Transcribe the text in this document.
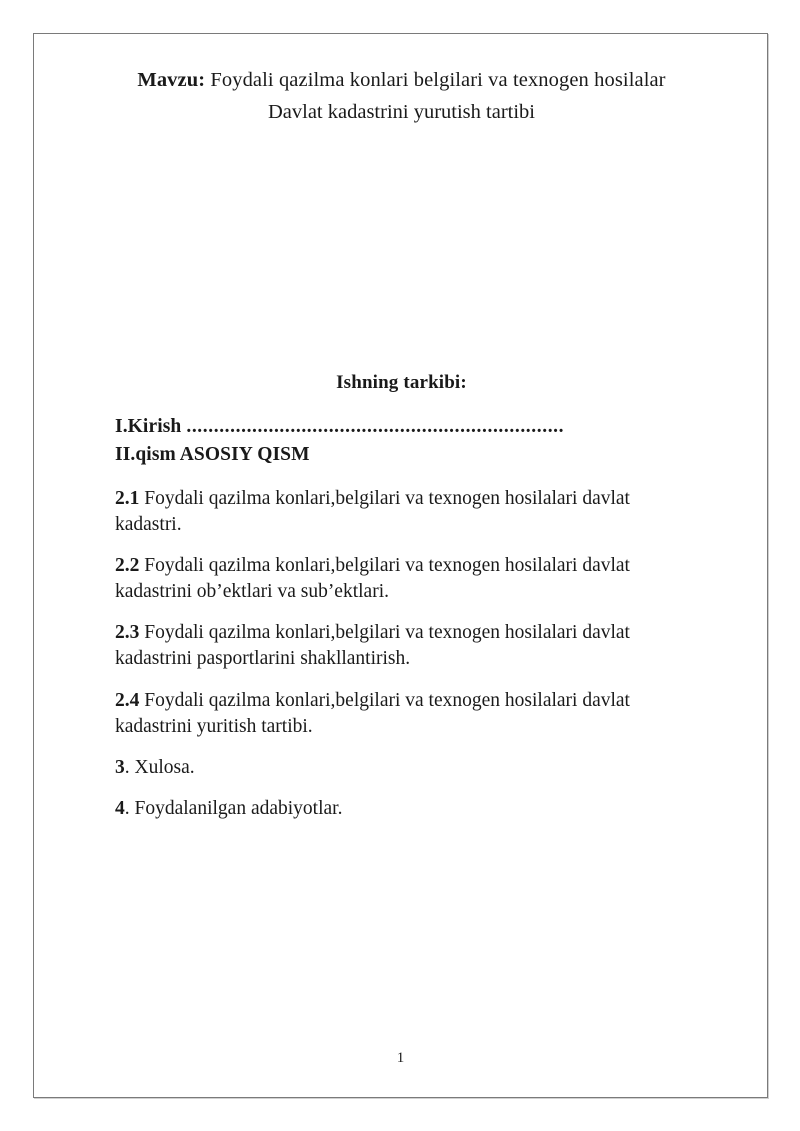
Mavzu: Foydali qazilma konlari belgilari va texnogen hosilalar

Davlat kadastrini yurutish tartibi

Ishning tarkibi:

I.Kirish .....................................................................

II.qism ASOSIY QISM

2.1 Foydali qazilma konlari,belgilari va texnogen hosilalari davlat kadastri.

2.2 Foydali qazilma konlari,belgilari va texnogen hosilalari davlat kadastrini ob’ektlari va sub’ektlari.

2.3 Foydali qazilma konlari,belgilari va texnogen hosilalari davlat kadastrini pasportlarini shakllantirish.

2.4 Foydali qazilma konlari,belgilari va texnogen hosilalari davlat kadastrini yuritish tartibi.

3. Xulosa.

4. Foydalanilgan adabiyotlar.

1
